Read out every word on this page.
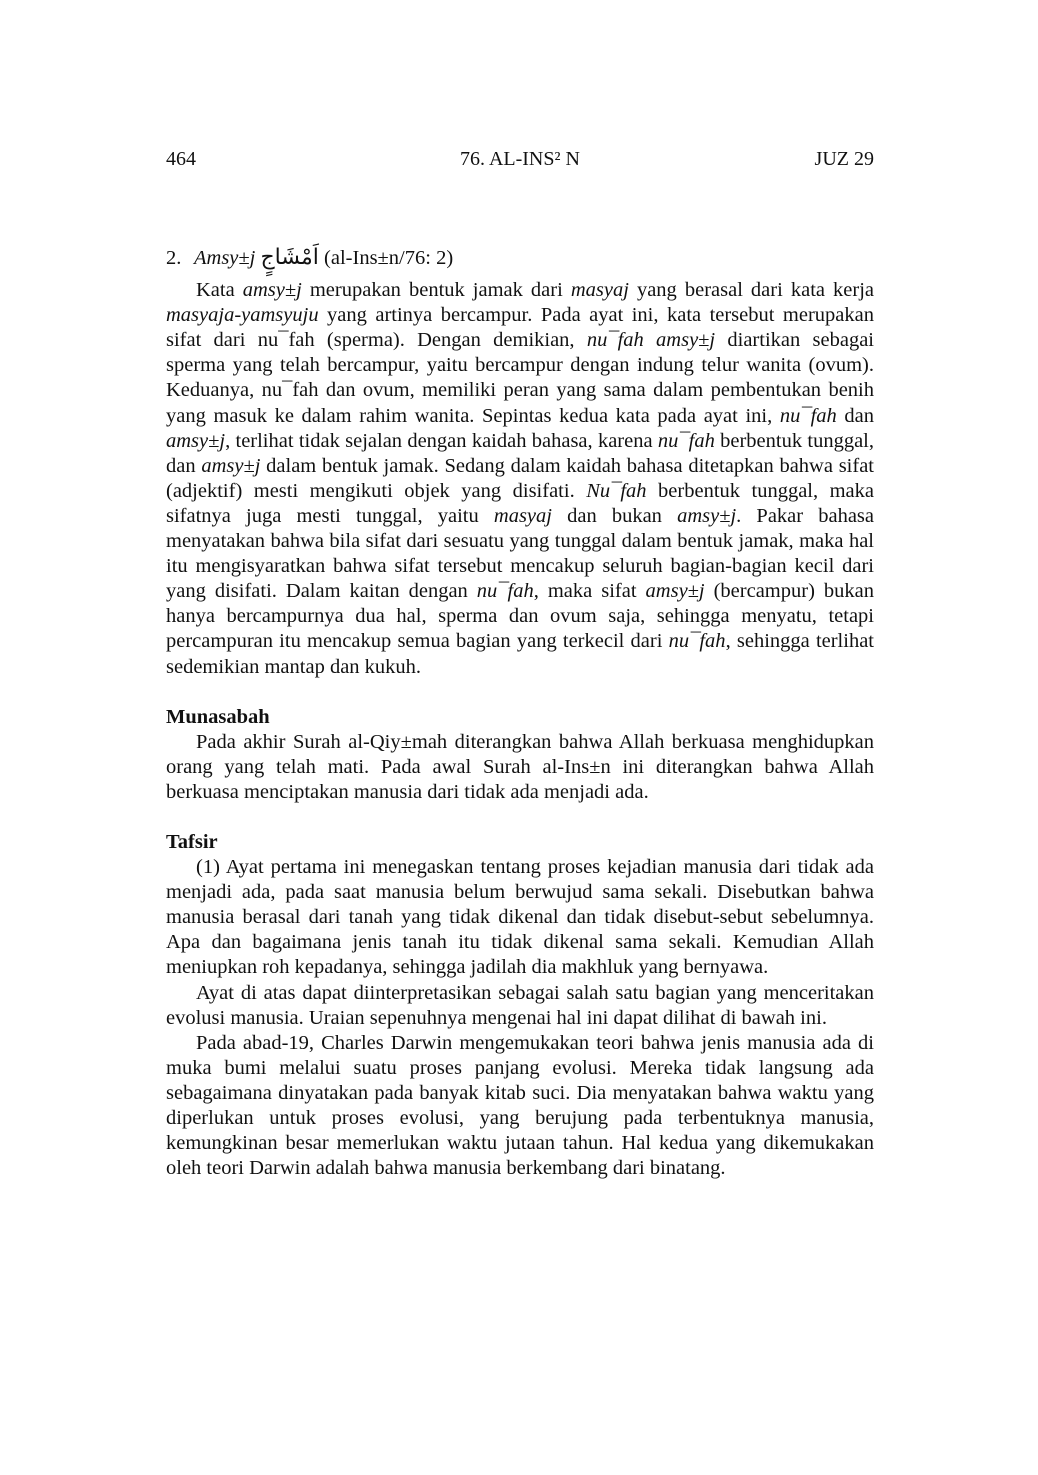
464	76. AL-INS² N	JUZ 29
2. Amsy±j اَمْشَاجٍ (al-Ins±n/76: 2)

Kata amsy±j merupakan bentuk jamak dari masyaj yang berasal dari kata kerja masyaja-yamsyuju yang artinya bercampur. Pada ayat ini, kata tersebut merupakan sifat dari nu¯fah (sperma). Dengan demikian, nu¯fah amsy±j diartikan sebagai sperma yang telah bercampur, yaitu bercampur dengan indung telur wanita (ovum). Keduanya, nu¯fah dan ovum, memiliki peran yang sama dalam pembentukan benih yang masuk ke dalam rahim wanita. Sepintas kedua kata pada ayat ini, nu¯fah dan amsy±j, terlihat tidak sejalan dengan kaidah bahasa, karena nu¯fah berbentuk tunggal, dan amsy±j dalam bentuk jamak. Sedang dalam kaidah bahasa ditetapkan bahwa sifat (adjektif) mesti mengikuti objek yang disifati. Nu¯fah berbentuk tunggal, maka sifatnya juga mesti tunggal, yaitu masyaj dan bukan amsy±j. Pakar bahasa menyatakan bahwa bila sifat dari sesuatu yang tunggal dalam bentuk jamak, maka hal itu mengisyaratkan bahwa sifat tersebut mencakup seluruh bagian-bagian kecil dari yang disifati. Dalam kaitan dengan nu¯fah, maka sifat amsy±j (bercampur) bukan hanya bercampurnya dua hal, sperma dan ovum saja, sehingga menyatu, tetapi percampuran itu mencakup semua bagian yang terkecil dari nu¯fah, sehingga terlihat sedemikian mantap dan kukuh.

Munasabah

Pada akhir Surah al-Qiy±mah diterangkan bahwa Allah berkuasa menghidupkan orang yang telah mati. Pada awal Surah al-Ins±n ini diterangkan bahwa Allah berkuasa menciptakan manusia dari tidak ada menjadi ada.

Tafsir

(1) Ayat pertama ini menegaskan tentang proses kejadian manusia dari tidak ada menjadi ada, pada saat manusia belum berwujud sama sekali. Disebutkan bahwa manusia berasal dari tanah yang tidak dikenal dan tidak disebut-sebut sebelumnya. Apa dan bagaimana jenis tanah itu tidak dikenal sama sekali. Kemudian Allah meniupkan roh kepadanya, sehingga jadilah dia makhluk yang bernyawa.

Ayat di atas dapat diinterpretasikan sebagai salah satu bagian yang menceritakan evolusi manusia. Uraian sepenuhnya mengenai hal ini dapat dilihat di bawah ini.

Pada abad-19, Charles Darwin mengemukakan teori bahwa jenis manusia ada di muka bumi melalui suatu proses panjang evolusi. Mereka tidak langsung ada sebagaimana dinyatakan pada banyak kitab suci. Dia menyatakan bahwa waktu yang diperlukan untuk proses evolusi, yang berujung pada terbentuknya manusia, kemungkinan besar memerlukan waktu jutaan tahun. Hal kedua yang dikemukakan oleh teori Darwin adalah bahwa manusia berkembang dari binatang.
